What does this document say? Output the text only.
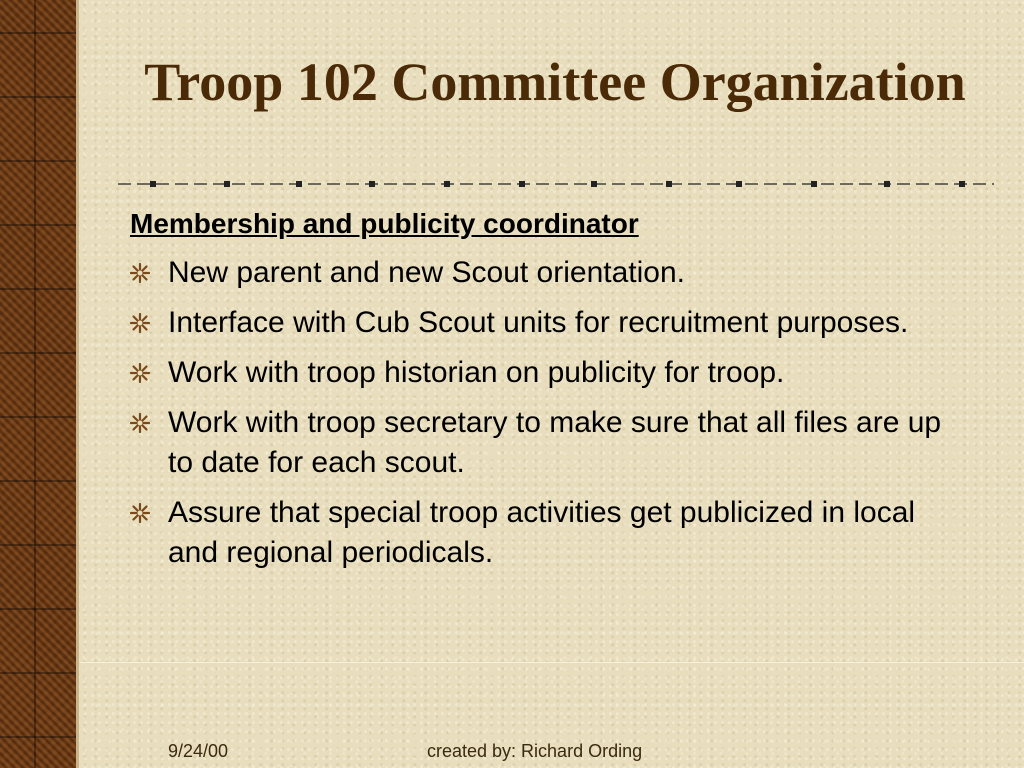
Troop 102 Committee Organization

Membership and publicity coordinator

New parent and new Scout orientation.
Interface with Cub Scout units for recruitment purposes.
Work with troop historian on publicity for troop.
Work with troop secretary to make sure that all files are up to date for each scout.
Assure that special troop activities get publicized in local and regional periodicals.
9/24/00	created by: Richard Ording
